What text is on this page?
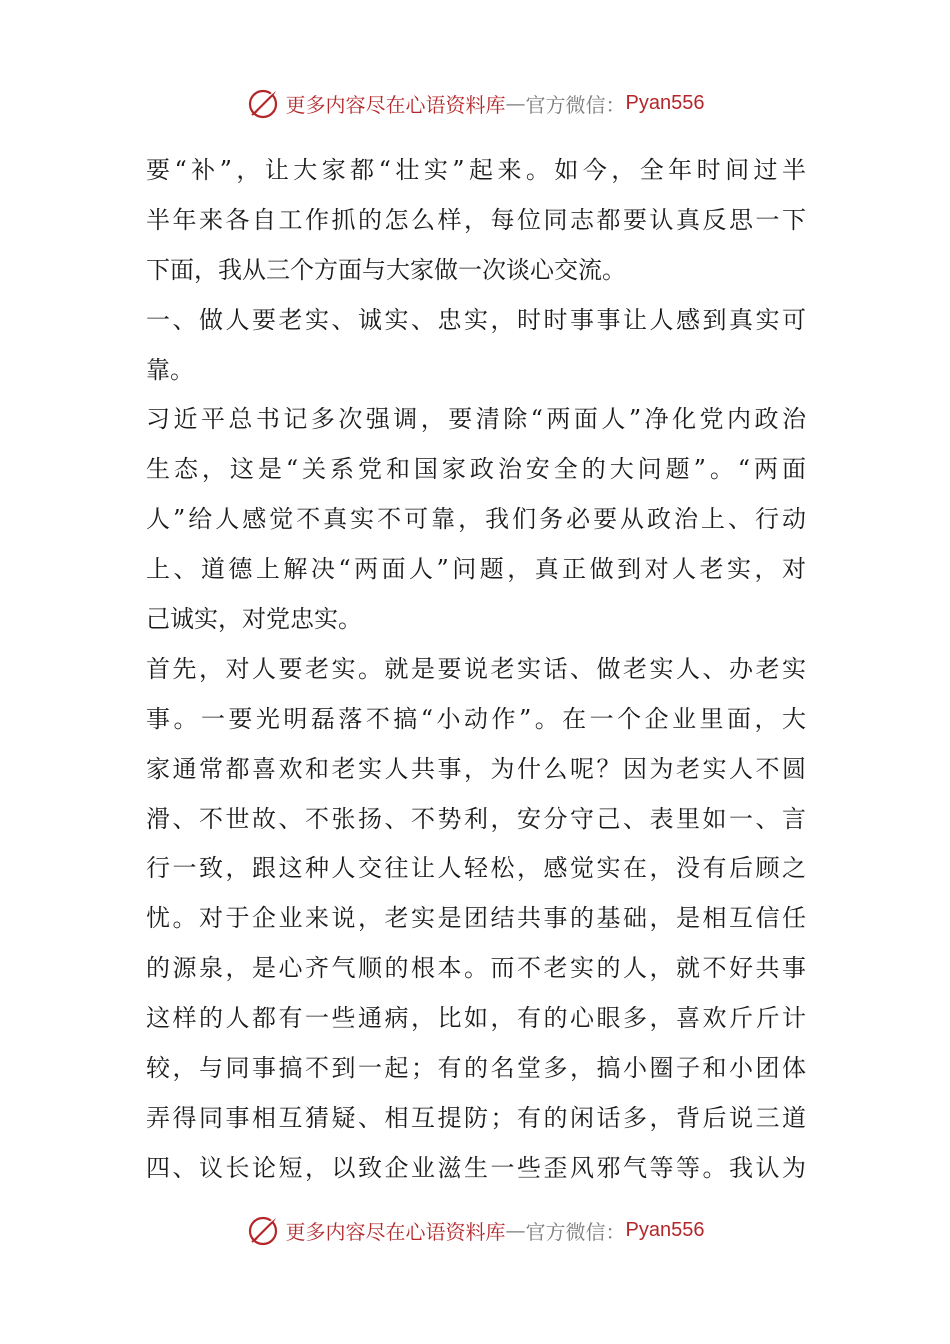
更多内容尽在心语资料库 — 官方微信： Pyan556
要“补”，让大家都“壮实”起来。如今，全年时间过半
半年来各自工作抓的怎么样，每位同志都要认真反思一下
下面，我从三个方面与大家做一次谈心交流。
一、做人要老实、诚实、忠实，时时事事让人感到真实可
靠。
习近平总书记多次强调，要清除“两面人”净化党内政治
生态，这是“关系党和国家政治安全的大问题”。“两面
人”给人感觉不真实不可靠，我们务必要从政治上、行动
上、道德上解决“两面人”问题，真正做到对人老实，对
己诚实，对党忠实。
首先，对人要老实。就是要说老实话、做老实人、办老实
事。一要光明磊落不搞“小动作”。在一个企业里面，大
家通常都喜欢和老实人共事，为什么呢？因为老实人不圆
滑、不世故、不张扬、不势利，安分守己、表里如一、言
行一致，跟这种人交往让人轻松，感觉实在，没有后顾之
忧。对于企业来说，老实是团结共事的基础，是相互信任
的源泉，是心齐气顺的根本。而不老实的人，就不好共事
这样的人都有一些通病，比如，有的心眼多，喜欢斤斤计
较，与同事搞不到一起；有的名堂多，搞小圈子和小团体
弄得同事相互猜疑、相互提防；有的闲话多，背后说三道
四、议长论短，以致企业滋生一些歪风邪气等等。我认为
更多内容尽在心语资料库 — 官方微信： Pyan556
